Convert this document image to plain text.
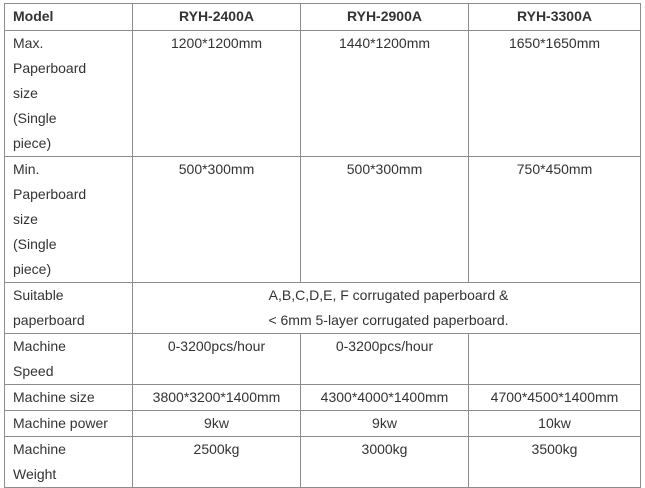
Model	RYH-2400A	RYH-2900A	RYH-3300A

Max.
Paperboard
size
(Single
piece)	1200*1200mm	1440*1200mm	1650*1650mm

Min.
Paperboard
size
(Single
piece)	500*300mm	500*300mm	750*450mm

Suitable
paperboard	A,B,C,D,E, F corrugated paperboard &
< 6mm 5-layer corrugated paperboard.		

Machine
Speed	0-3200pcs/hour	0-3200pcs/hour	
Machine size	3800*3200*1400mm	4300*4000*1400mm	4700*4500*1400mm
Machine power	9kw	9kw	10kw

Machine
Weight	2500kg	3000kg	3500kg
